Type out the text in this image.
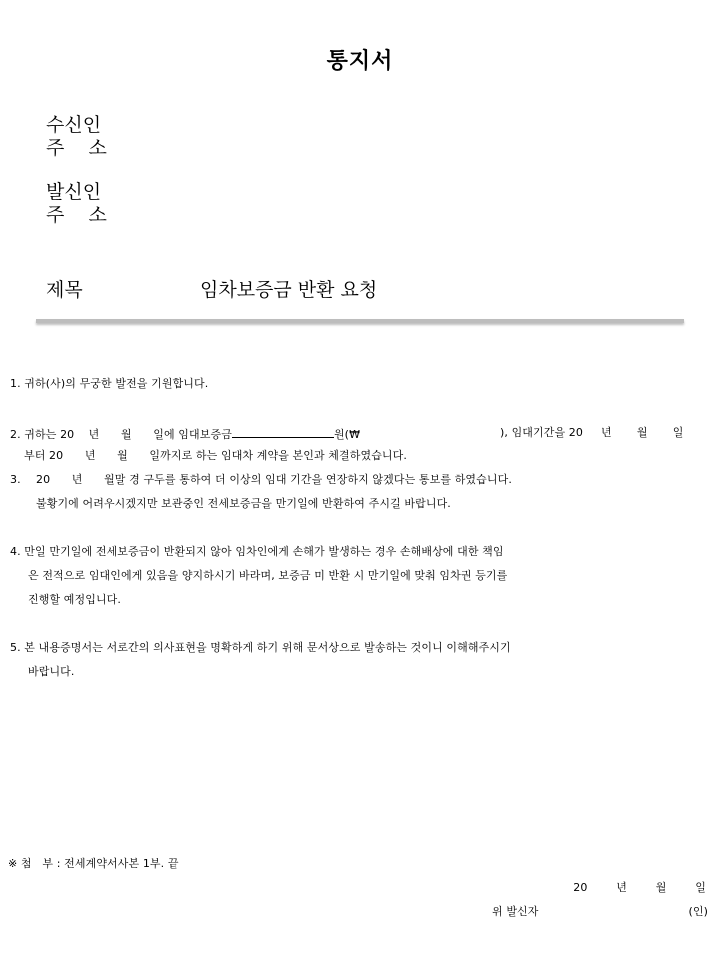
통지서
수신인
주    소
발신인
주    소
제목	임차보증금 반환 요청
1. 귀하(사)의 무궁한 발전을 기원합니다.
2. 귀하는 20    년      월      일에 임대보증금	원(₩	), 임대기간을 20     년       월       일
부터 20      년      월      일까지로 하는 임대차 계약을 본인과 체결하였습니다.
3. 20      년      월말 경 구두를 통하여 더 이상의 임대 기간을 연장하지 않겠다는 통보를 하였습니다.
불황기에 어려우시겠지만 보관중인 전세보증금을 만기일에 반환하여 주시길 바랍니다.
4. 만일 만기일에 전세보증금이 반환되지 않아 임차인에게 손해가 발생하는 경우 손해배상에 대한 책임
은 전적으로 임대인에게 있음을 양지하시기 바라며, 보증금 미 반환 시 만기일에 맞춰 임차권 등기를
진행할 예정입니다.
5. 본 내용증명서는 서로간의 의사표현을 명확하게 하기 위해 문서상으로 발송하는 것이니 이해해주시기
바랍니다.
※ 첨   부 : 전세계약서사본 1부. 끝
20        년        월        일
위 발신자	(인)
